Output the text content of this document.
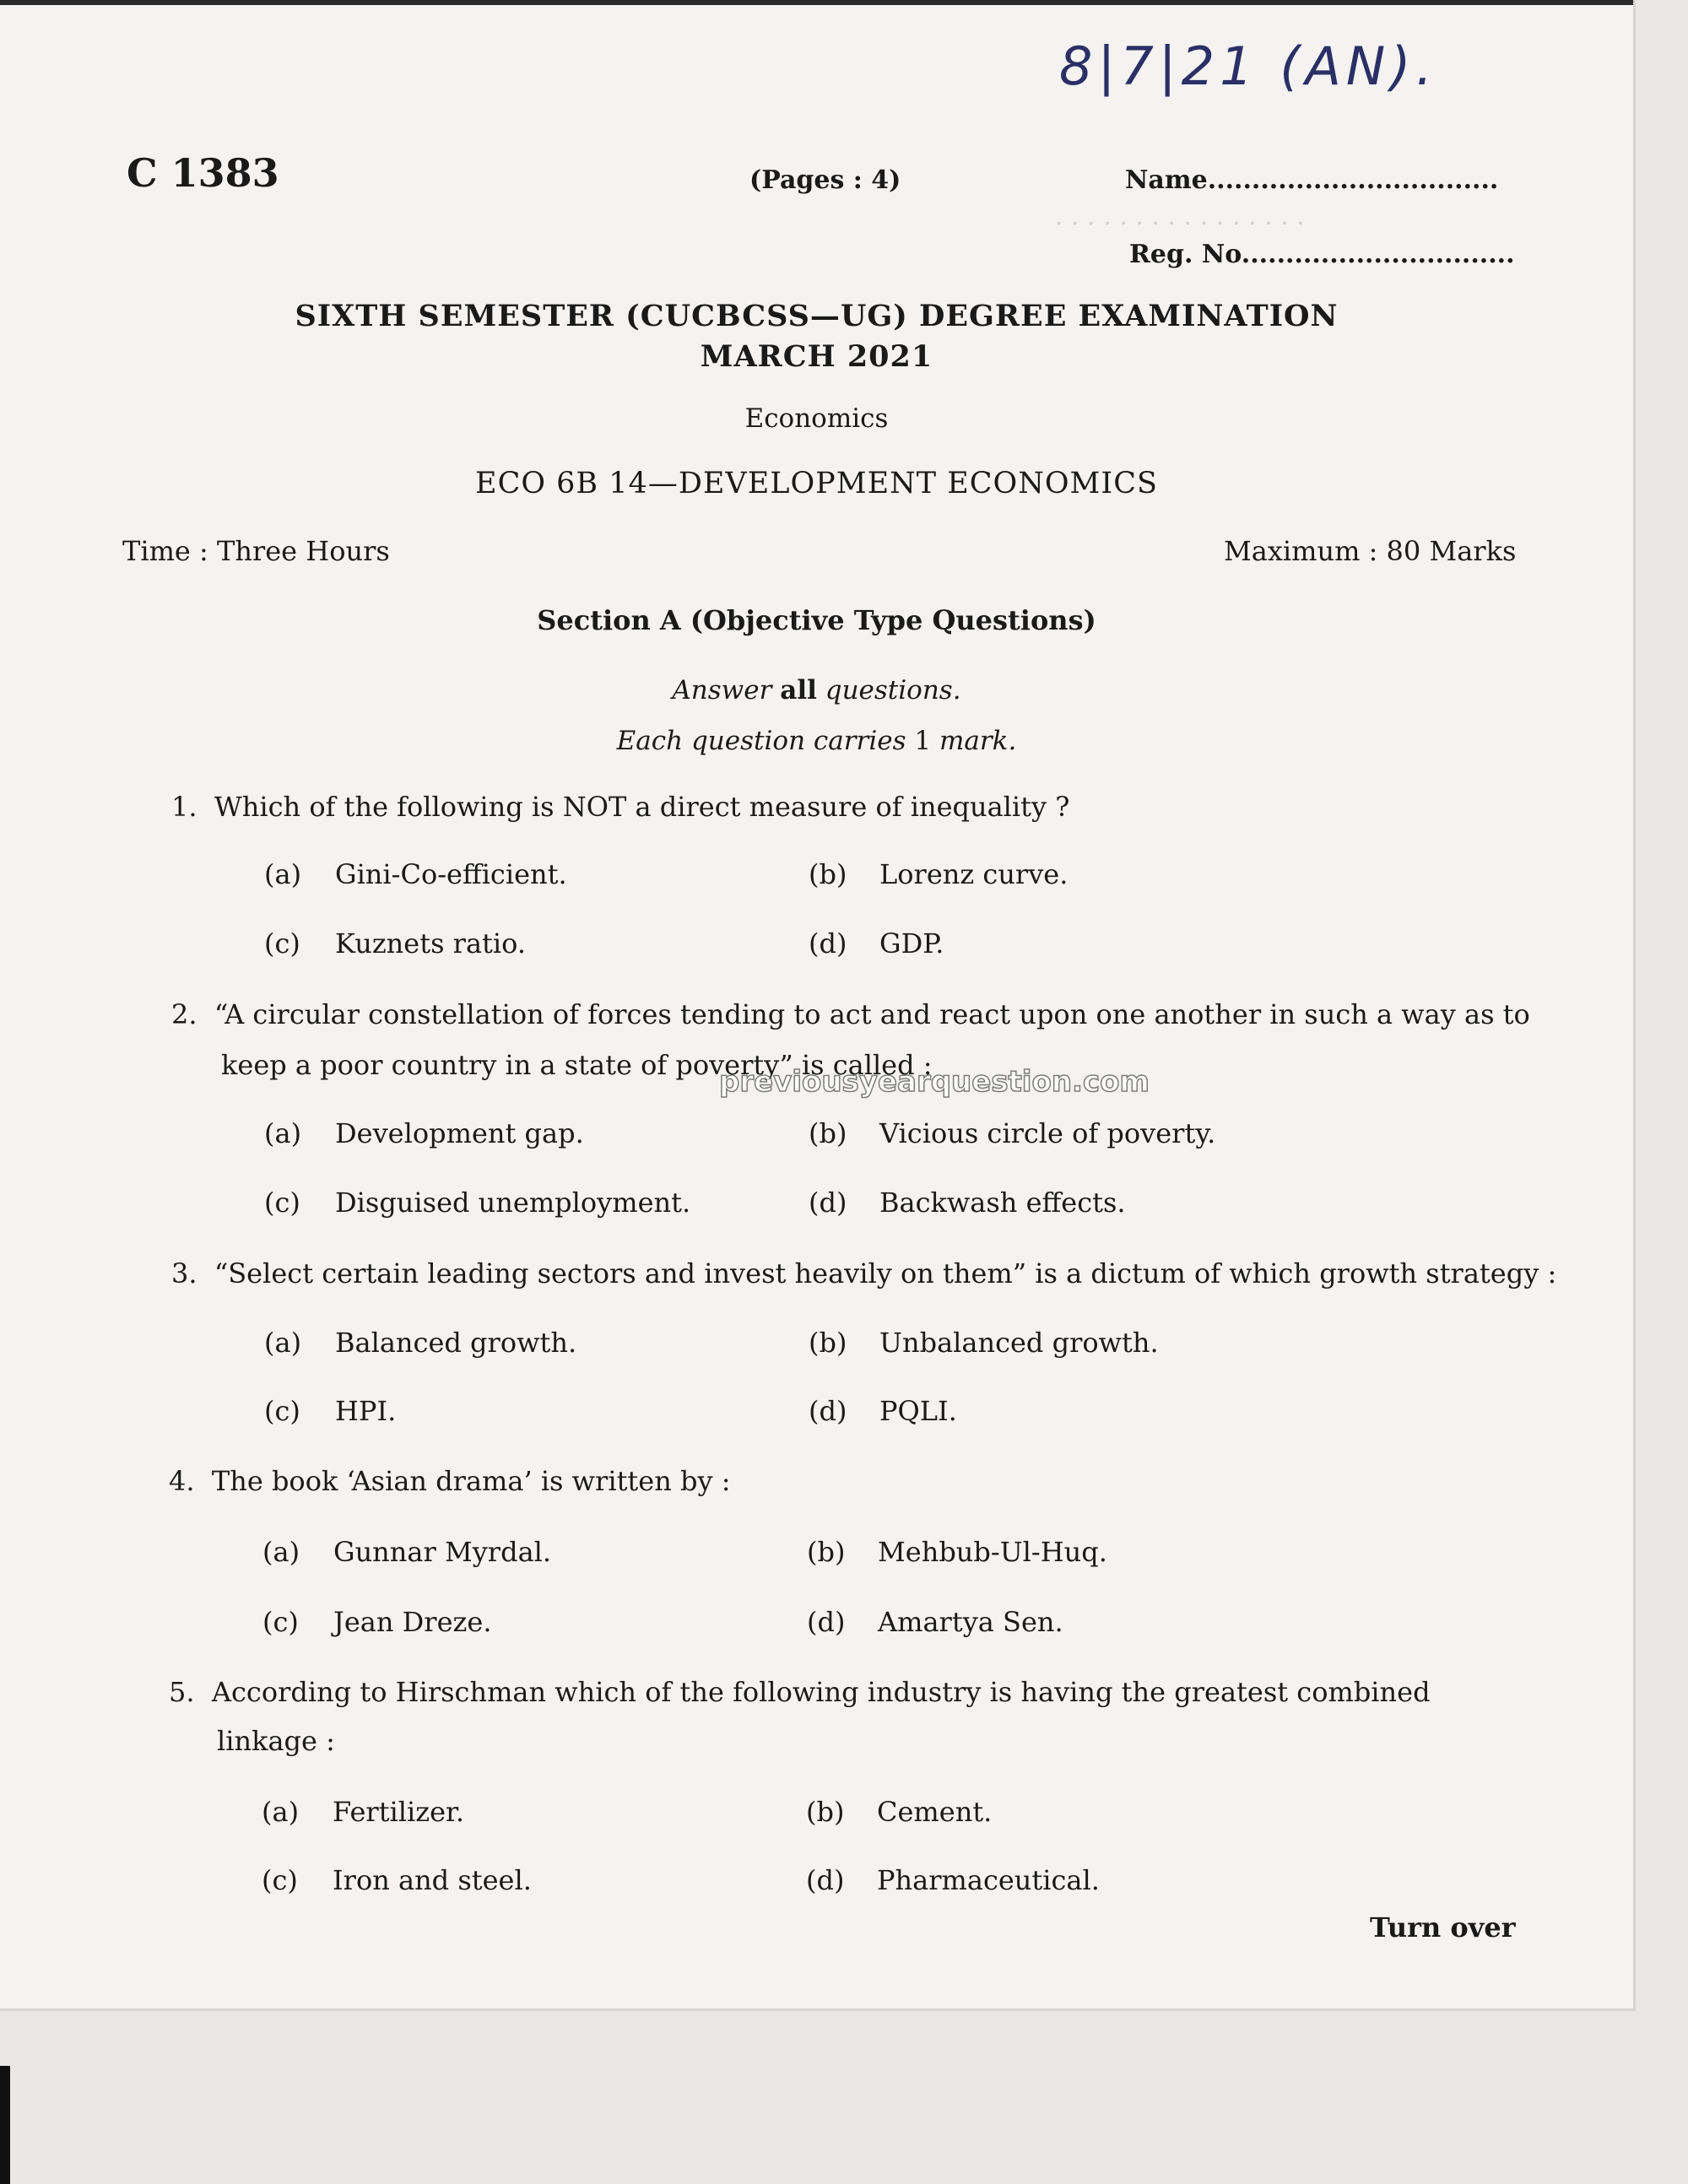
· · · · · · · · · · · · · · · ·
8|7|21 (AN).
C 1383	(Pages : 4)	Name.................................
Reg. No...............................
SIXTH SEMESTER (CUCBCSS—UG) DEGREE EXAMINATION
MARCH 2021
Economics
ECO 6B 14—DEVELOPMENT ECONOMICS
Time : Three Hours	Maximum : 80 Marks
Section A (Objective Type Questions)
Answer all questions.
Each question carries 1 mark.
1. Which of the following is NOT a direct measure of inequality ?
(a) Gini-Co-efficient.	(b) Lorenz curve.
(c) Kuznets ratio.	(d) GDP.
2. “A circular constellation of forces tending to act and react upon one another in such a way as to
keep a poor country in a state of poverty” is called :
previousyearquestion.com
(a) Development gap.	(b) Vicious circle of poverty.
(c) Disguised unemployment.	(d) Backwash effects.
3. “Select certain leading sectors and invest heavily on them” is a dictum of which growth strategy :
(a) Balanced growth.	(b) Unbalanced growth.
(c) HPI.	(d) PQLI.
4. The book ‘Asian drama’ is written by :
(a) Gunnar Myrdal.	(b) Mehbub-Ul-Huq.
(c) Jean Dreze.	(d) Amartya Sen.
5. According to Hirschman which of the following industry is having the greatest combined
linkage :
(a) Fertilizer.	(b) Cement.
(c) Iron and steel.	(d) Pharmaceutical.
Turn over
